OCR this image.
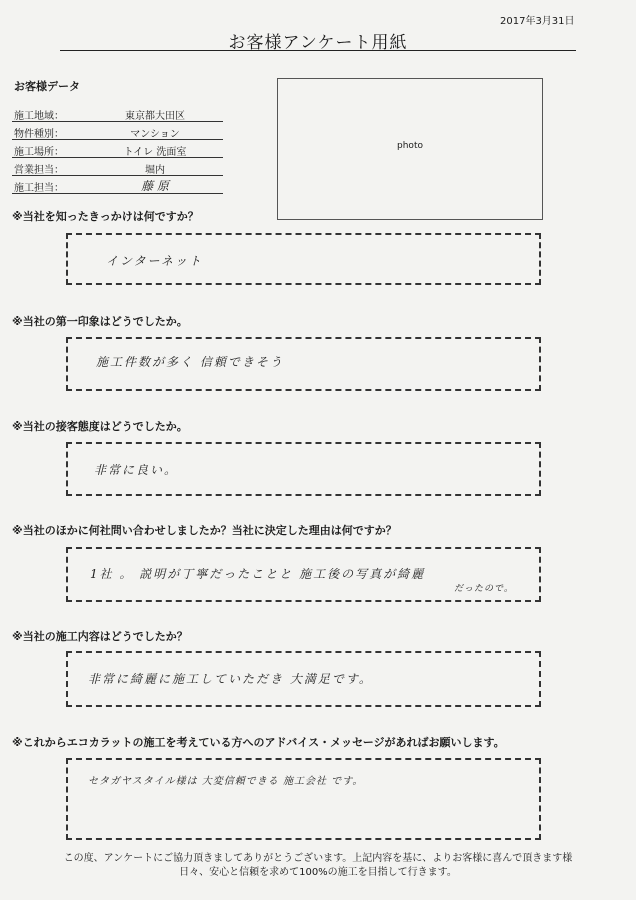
2017年3月31日
お客様アンケート用紙
お客様データ
施工地域：	東京都大田区
物件種別：	マンション
施工場所：	トイレ 洗面室
営業担当：	堀内
施工担当：	藤 原
photo
※当社を知ったきっかけは何ですか？
インターネット
※当社の第一印象はどうでしたか。
施工件数が多く 信頼できそう
※当社の接客態度はどうでしたか。
非常に良い。
※当社のほかに何社問い合わせしましたか？当社に決定した理由は何ですか？
1社 。 説明が丁寧だったことと 施工後の写真が綺麗
だったので。
※当社の施工内容はどうでしたか？
非常に綺麗に施工していただき 大満足です。
※これからエコカラットの施工を考えている方へのアドバイス・メッセージがあればお願いします。
セタガヤスタイル様は 大変信頼できる 施工会社 です。
この度、アンケートにご協力頂きましてありがとうございます。上記内容を基に、よりお客様に喜んで頂きます様
日々、安心と信頼を求めて100%の施工を目指して行きます。
